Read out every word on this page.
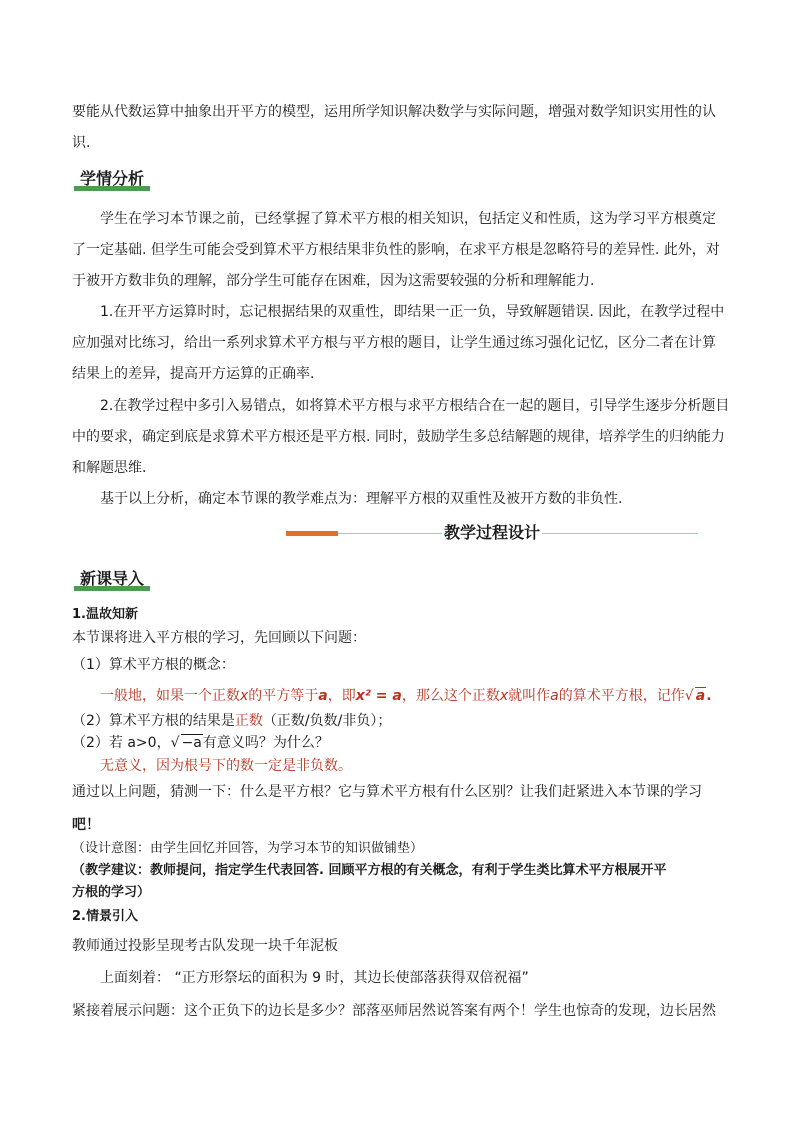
要能从代数运算中抽象出开平方的模型，运用所学知识解决数学与实际问题，增强对数学知识实用性的认
识.
学情分析
学生在学习本节课之前，已经掌握了算术平方根的相关知识，包括定义和性质，这为学习平方根奠定
了一定基础. 但学生可能会受到算术平方根结果非负性的影响，在求平方根是忽略符号的差异性. 此外，对
于被开方数非负的理解，部分学生可能存在困难，因为这需要较强的分析和理解能力.
1.在开平方运算时时，忘记根据结果的双重性，即结果一正一负，导致解题错误. 因此，在教学过程中
应加强对比练习，给出一系列求算术平方根与平方根的题目，让学生通过练习强化记忆，区分二者在计算
结果上的差异，提高开方运算的正确率.
2.在教学过程中多引入易错点，如将算术平方根与求平方根结合在一起的题目，引导学生逐步分析题目
中的要求，确定到底是求算术平方根还是平方根. 同时，鼓励学生多总结解题的规律，培养学生的归纳能力
和解题思维.
基于以上分析，确定本节课的教学难点为：理解平方根的双重性及被开方数的非负性.
教学过程设计
新课导入
1.温故知新
本节课将进入平方根的学习，先回顾以下问题：
（1）算术平方根的概念：
一般地，如果一个正数x的平方等于a，即x² = a，那么这个正数x就叫作a的算术平方根，记作 √ a.
（2）算术平方根的结果是正数（正数/负数/非负）；
（2）若 a>0， √ −a有意义吗？为什么？
无意义，因为根号下的数一定是非负数。
通过以上问题，猜测一下：什么是平方根？它与算术平方根有什么区别？让我们赶紧进入本节课的学习
吧！
（设计意图：由学生回忆并回答，为学习本节的知识做铺垫）
（教学建议：教师提问，指定学生代表回答. 回顾平方根的有关概念，有利于学生类比算术平方根展开平
方根的学习）
2.情景引入
教师通过投影呈现考古队发现一块千年泥板
上面刻着： “正方形祭坛的面积为 9 时，其边长使部落获得双倍祝福”
紧接着展示问题：这个正负下的边长是多少？部落巫师居然说答案有两个！学生也惊奇的发现，边长居然
